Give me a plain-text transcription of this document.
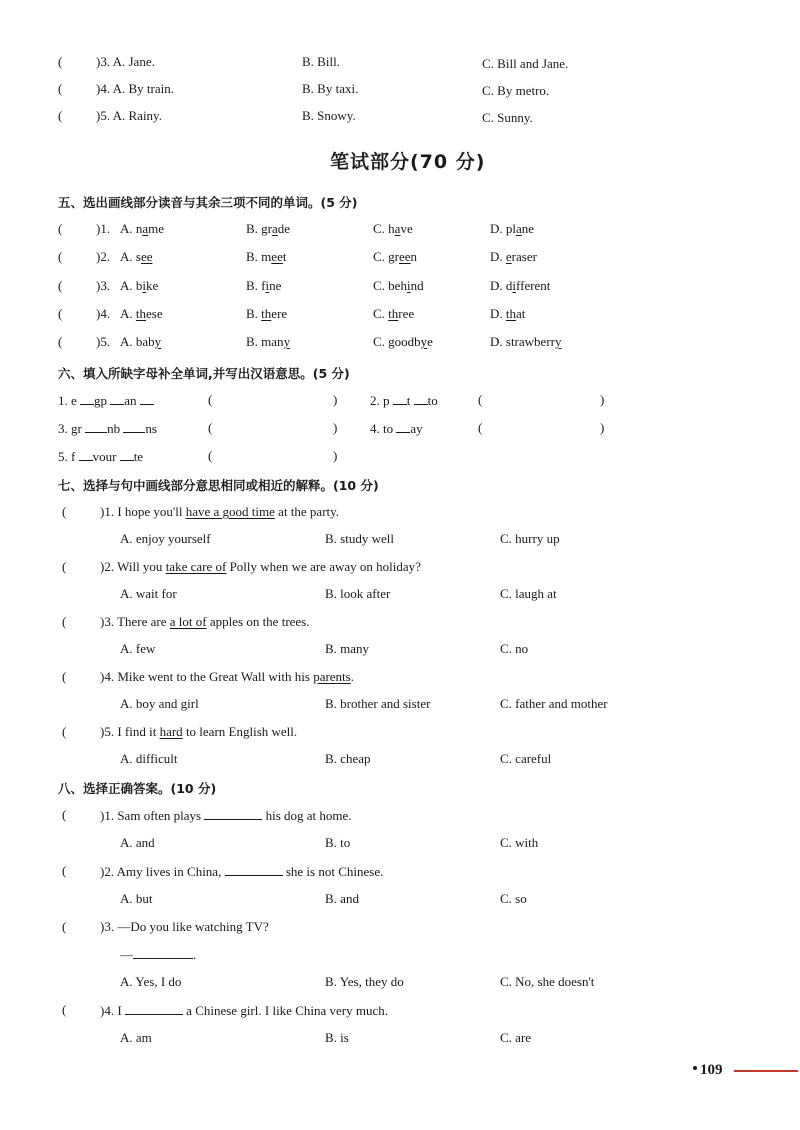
(	)3. A. Jane.	B. Bill.	C. Bill and Jane.
(	)4. A. By train.	B. By taxi.	C. By metro.
(	)5. A. Rainy.	B. Snowy.	C. Sunny.
笔试部分(70 分)
五、选出画线部分读音与其余三项不同的单词。(5 分)
(	)1. A. name	B. grade	C. have	D. plane
(	)2. A. see	B. meet	C. green	D. eraser
(	)3. A. bike	B. fine	C. behind	D. different
(	)4. A. these	B. there	C. three	D. that
(	)5. A. baby	B. many	C. goodbye	D. strawberry
六、填入所缺字母补全单词,并写出汉语意思。(5 分)
1. e gp an	(	)	2. p t to	(	)
3. gr nb ns	(	)	4. to ay	(	)
5. f vour te	(	)
七、选择与句中画线部分意思相同或相近的解释。(10 分)
(	)1. I hope you'll have a good time at the party.
A. enjoy yourself	B. study well	C. hurry up
(	)2. Will you take care of Polly when we are away on holiday?
A. wait for	B. look after	C. laugh at
(	)3. There are a lot of apples on the trees.
A. few	B. many	C. no
(	)4. Mike went to the Great Wall with his parents.
A. boy and girl	B. brother and sister	C. father and mother
(	)5. I find it hard to learn English well.
A. difficult	B. cheap	C. careful
八、选择正确答案。(10 分)
(	)1. Sam often plays	his dog at home.
A. and	B. to	C. with
(	)2. Amy lives in China,	she is not Chinese.
A. but	B. and	C. so
(	)3. —Do you like watching TV?
—	.
A. Yes, I do	B. Yes, they do	C. No, she doesn't
(	)4. I	a Chinese girl. I like China very much.
A. am	B. is	C. are
109
